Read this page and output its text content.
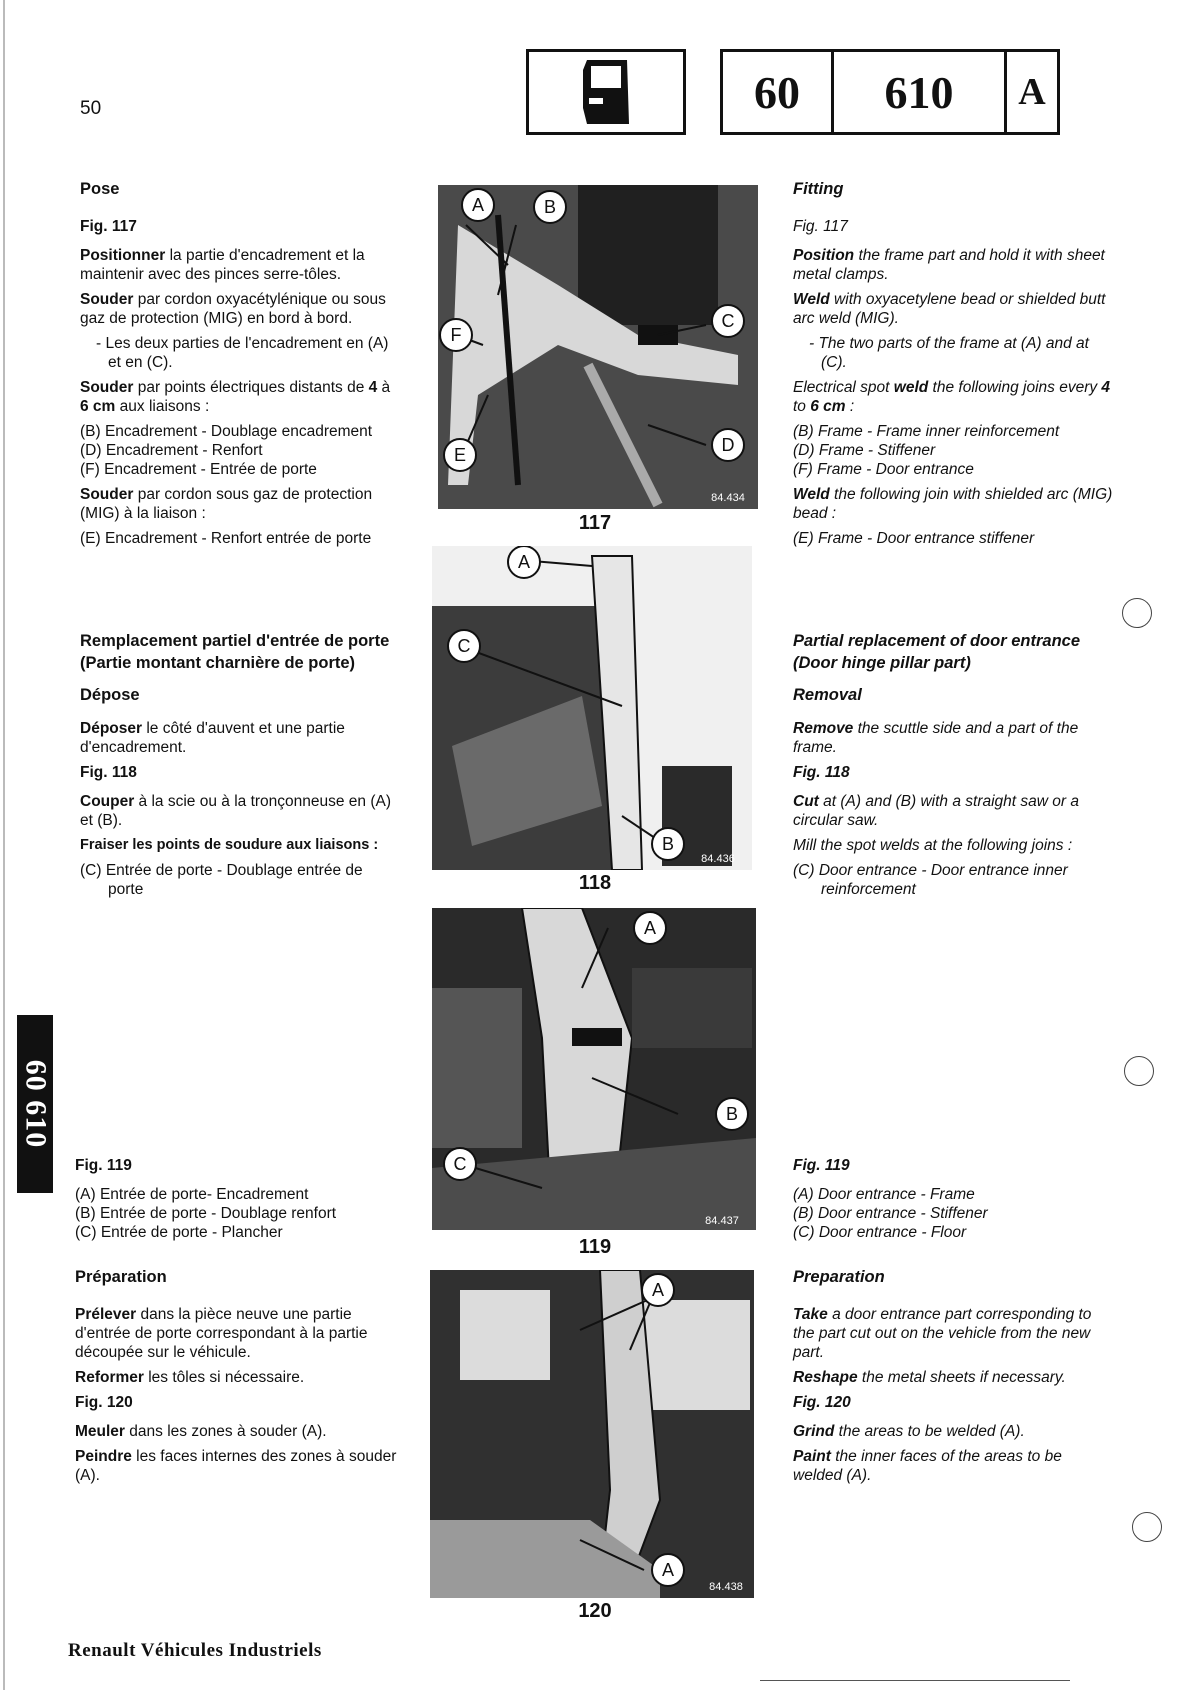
50	60	610	A

Pose

Fig. 117

Positionner la partie d'encadrement et la maintenir avec des pinces serre-tôles.

Souder par cordon oxyacétylénique ou sous gaz de protection (MIG) en bord à bord.

- Les deux parties de l'encadrement en (A) et en (C).

Souder par points électriques distants de 4 à 6 cm aux liaisons :

(B) Encadrement - Doublage encadrement
(D) Encadrement - Renfort
(F) Encadrement - Entrée de porte

Souder par cordon sous gaz de protection (MIG) à la liaison :

(E) Encadrement - Renfort entrée de porte

Remplacement partiel d'entrée de porte (Partie montant charnière de porte)

Dépose

Déposer le côté d'auvent et une partie d'encadrement.

Fig. 118

Couper à la scie ou à la tronçonneuse en (A) et (B).

Fraiser les points de soudure aux liaisons :

(C) Entrée de porte - Doublage entrée de porte

Fig. 119

(A) Entrée de porte- Encadrement
(B) Entrée de porte - Doublage renfort
(C) Entrée de porte - Plancher

Préparation

Prélever dans la pièce neuve une partie d'entrée de porte correspondant à la partie découpée sur le véhicule.

Reformer les tôles si nécessaire.

Fig. 120

Meuler dans les zones à souder (A).

Peindre les faces internes des zones à souder (A).

Fitting

Fig. 117

Position the frame part and hold it with sheet metal clamps.

Weld with oxyacetylene bead or shielded butt arc weld (MIG).

- The two parts of the frame at (A) and at (C).

Electrical spot weld the following joins every 4 to 6 cm :

(B) Frame - Frame inner reinforcement
(D) Frame - Stiffener
(F) Frame - Door entrance

Weld the following join with shielded arc (MIG) bead :

(E) Frame - Door entrance stiffener

Partial replacement of door entrance (Door hinge pillar part)

Removal

Remove the scuttle side and a part of the frame.

Fig. 118

Cut at (A) and (B) with a straight saw or a circular saw.

Mill the spot welds at the following joins :

(C) Door entrance - Door entrance inner reinforcement

Fig. 119

(A) Door entrance - Frame
(B) Door entrance - Stiffener
(C) Door entrance - Floor

Preparation

Take a door entrance part corresponding to the part cut out on the vehicle from the new part.

Reshape the metal sheets if necessary.

Fig. 120

Grind the areas to be welded (A).

Paint the inner faces of the areas to be welded (A).

A	B
C
D
E
F
84.434
117
A
B
C
84.436
118
A
B
C
84.437
119
A
A
84.438
120
60 610
Renault Véhicules Industriels
